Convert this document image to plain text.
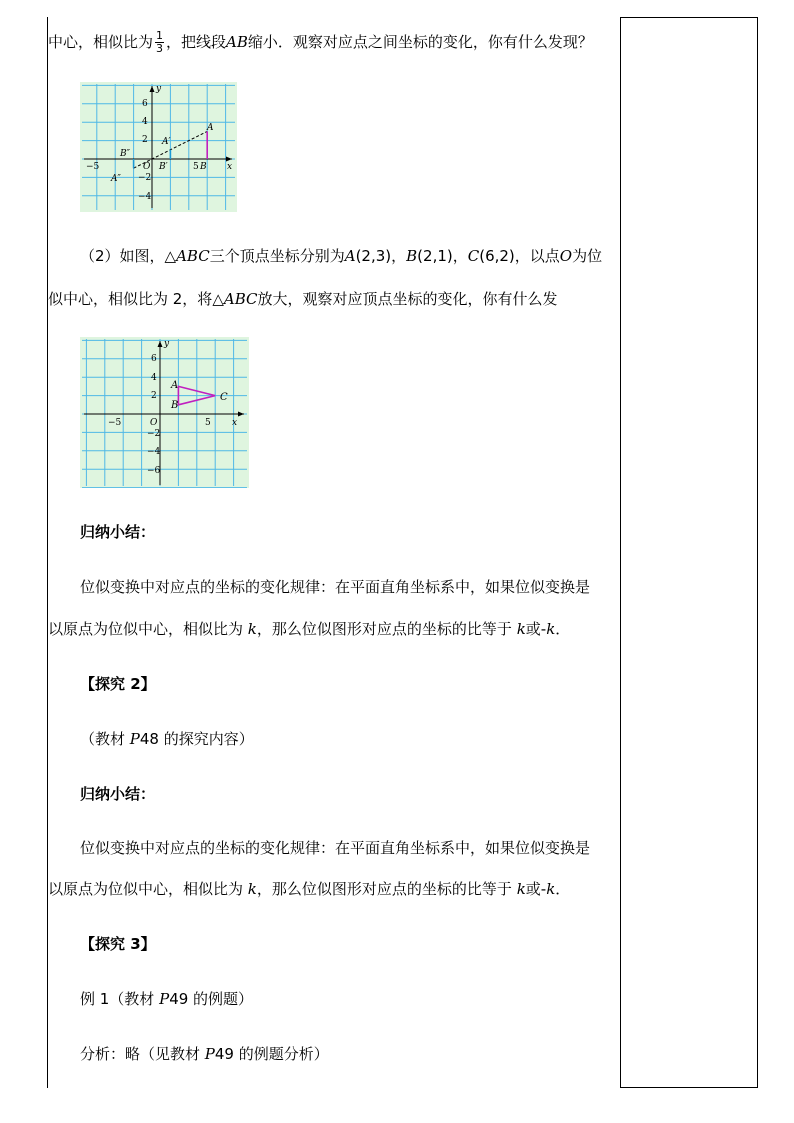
中心，相似比为 $\frac{1}{3}$ ，把线段AB缩小．观察对应点之间坐标的变化，你有什么发现？
6
4
2
−2
−4
−5	5	x
y
O
A
A′
A″
B
B′
B″
（2）如图，△ABC三个顶点坐标分别为A(2,3)，B(2,1)，C(6,2)，以点O为位
似中心，相似比为 2，将△ABC放大，观察对应顶点坐标的变化，你有什么发
6
4
2
−2
−4
−6
−5	5 x
y
O
A
B
C
归纳小结：
位似变换中对应点的坐标的变化规律：在平面直角坐标系中，如果位似变换是
以原点为位似中心，相似比为 k，那么位似图形对应点的坐标的比等于 k或-k．
【探究 2】
（教材 P48 的探究内容）
归纳小结：
位似变换中对应点的坐标的变化规律：在平面直角坐标系中，如果位似变换是
以原点为位似中心，相似比为 k，那么位似图形对应点的坐标的比等于 k或-k．
【探究 3】
例 1（教材 P49 的例题）
分析：略（见教材 P49 的例题分析）
